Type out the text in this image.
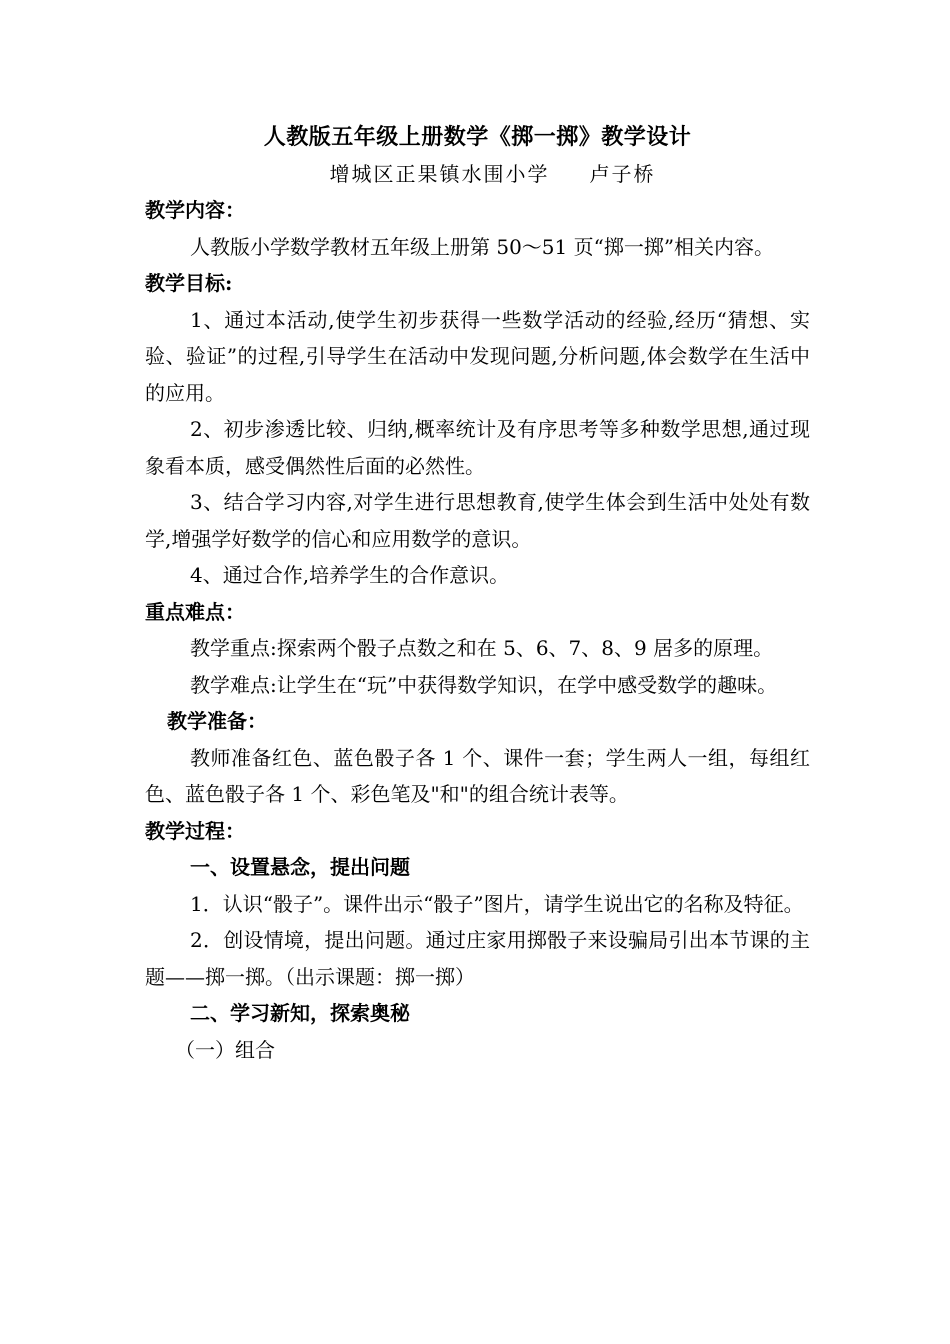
人教版五年级上册数学《掷一掷》教学设计

增城区正果镇水围小学 卢子桥

教学内容：

人教版小学数学教材五年级上册第 50～51 页“掷一掷”相关内容。

教学目标:

1、通过本活动,使学生初步获得一些数学活动的经验,经历“猜想、实验、验证”的过程,引导学生在活动中发现问题,分析问题,体会数学在生活中的应用。

2、初步渗透比较、归纳,概率统计及有序思考等多种数学思想,通过现象看本质，感受偶然性后面的必然性。

3、结合学习内容,对学生进行思想教育,使学生体会到生活中处处有数学,增强学好数学的信心和应用数学的意识。

4、通过合作,培养学生的合作意识。

重点难点：

教学重点:探索两个骰子点数之和在 5、6、7、8、9 居多的原理。

教学难点:让学生在“玩”中获得数学知识，在学中感受数学的趣味。

教学准备：

教师准备红色、蓝色骰子各 1 个、课件一套；学生两人一组，每组红色、蓝色骰子各 1 个、彩色笔及"和"的组合统计表等。

教学过程：

一、设置悬念，提出问题

1．认识“骰子”。课件出示“骰子”图片，请学生说出它的名称及特征。

2．创设情境，提出问题。通过庄家用掷骰子来设骗局引出本节课的主题——掷一掷。（出示课题：掷一掷）

二、学习新知，探索奥秘

（一）组合
